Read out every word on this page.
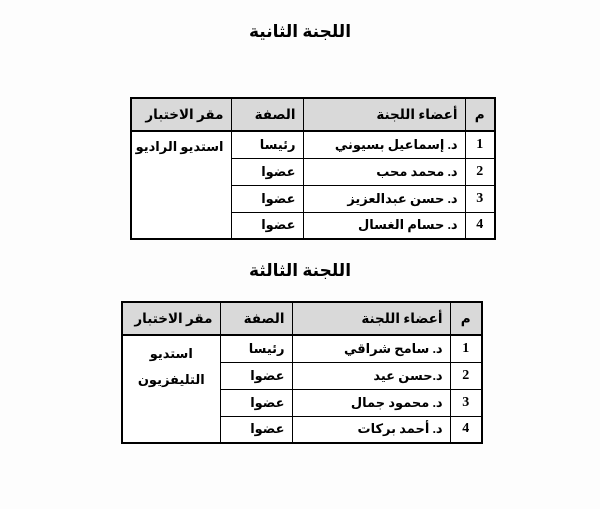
اللجنة الثانية
م	أعضاء اللجنة	الصفة	مقر الاختبار
1	د. إسماعيل بسيوني	رئيسا	استديو الراديو
2	د. محمد محب	عضوا	
3	د. حسن عبدالعزيز	عضوا	
4	د. حسام الغسال	عضوا	
اللجنة الثالثة
م	أعضاء اللجنة	الصفة	مقر الاختبار
1	د. سامح شراقي	رئيسا	استديو التليفزيون
2	د.حسن عيد	عضوا	
3	د. محمود جمال	عضوا	
4	د. أحمد بركات	عضوا	
